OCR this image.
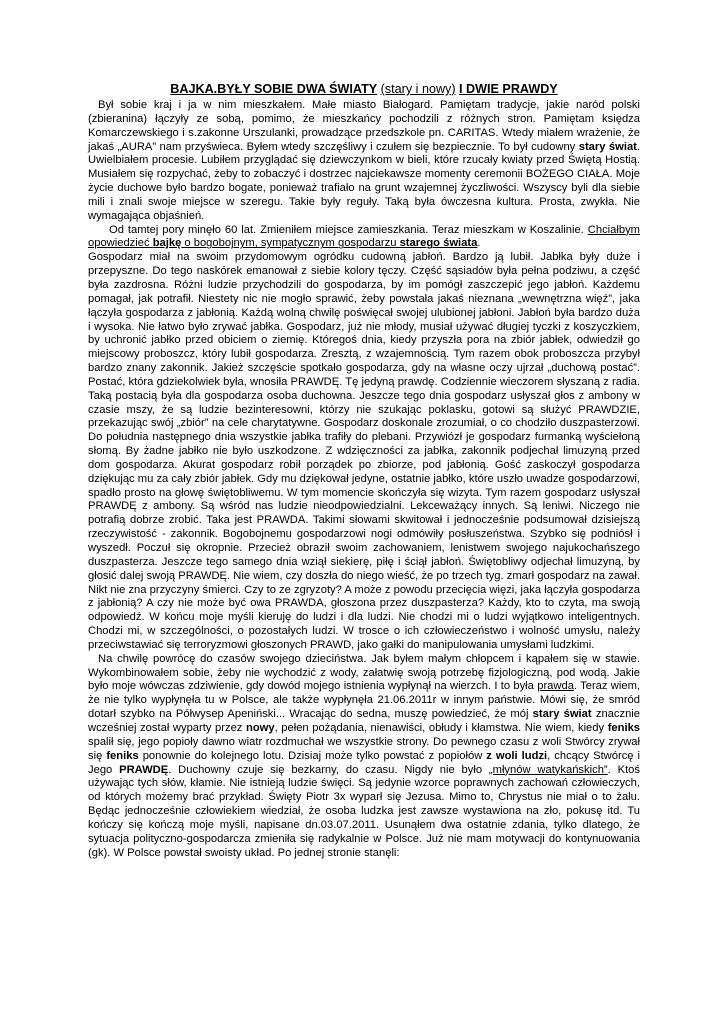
BAJKA.BYŁY SOBIE DWA ŚWIATY (stary i nowy) I DWIE PRAWDY

Był sobie kraj i ja w nim mieszkałem. Małe miasto Białogard. Pamiętam tradycje, jakie naród polski (zbieranina) łączyły ze sobą, pomimo, że mieszkańcy pochodzili z różnych stron. Pamiętam księdza Komarczewskiego i s.zakonne Urszulanki, prowadzące przedszkole pn. CARITAS. Wtedy miałem wrażenie, że jakaś „AURA” nam przyświeca. Byłem wtedy szczęśliwy i czułem się bezpiecznie. To był cudowny stary świat. Uwielbiałem procesie. Lubiłem przyglądać się dziewczynkom w bieli, które rzucały kwiaty przed Świętą Hostią. Musiałem się rozpychać, żeby to zobaczyć i dostrzec najciekawsze momenty ceremonii BOŻEGO CIAŁA. Moje życie duchowe było bardzo bogate, ponieważ trafiało na grunt wzajemnej życzliwości. Wszyscy byli dla siebie mili i znali swoje miejsce w szeregu. Takie były reguły. Taką była ówczesna kultura. Prosta, zwykła. Nie wymagająca objaśnień.

Od tamtej pory minęło 60 lat. Zmieniłem miejsce zamieszkania. Teraz mieszkam w Koszalinie. Chciałbym opowiedzieć bajkę o bogobojnym, sympatycznym gospodarzu starego świata.

Gospodarz miał na swoim przydomowym ogródku cudowną jabłoń. Bardzo ją lubił. Jabłka były duże i przepyszne. Do tego naskórek emanował z siebie kolory tęczy. Część sąsiadów była pełna podziwu, a część była zazdrosna. Różni ludzie przychodzili do gospodarza, by im pomógł zaszczepić jego jabłoń. Każdemu pomagał, jak potrafił. Niestety nic nie mogło sprawić, żeby powstała jakaś nieznana „wewnętrzna więź”, jaka łączyła gospodarza z jabłonią. Każdą wolną chwilę poświęcał swojej ulubionej jabłoni. Jabłoń była bardzo duża i wysoka. Nie łatwo było zrywać jabłka. Gospodarz, już nie młody, musiał używać długiej tyczki z koszyczkiem, by uchronić jabłko przed obiciem o ziemię. Któregoś dnia, kiedy przyszła pora na zbiór jabłek, odwiedził go miejscowy proboszcz, który lubił gospodarza. Zresztą, z wzajemnością. Tym razem obok proboszcza przybył bardzo znany zakonnik. Jakież szczęście spotkało gospodarza, gdy na własne oczy ujrzał „duchową postać”. Postać, która gdziekolwiek była, wnosiła PRAWDĘ. Tę jedyną prawdę. Codziennie wieczorem słyszaną z radia. Taką postacią była dla gospodarza osoba duchowna. Jeszcze tego dnia gospodarz usłyszał głos z ambony w czasie mszy, że są ludzie bezinteresowni, którzy nie szukając poklasku, gotowi są służyć PRAWDZIE, przekazując swój „zbiór” na cele charytatywne. Gospodarz doskonale zrozumiał, o co chodziło duszpasterzowi. Do południa następnego dnia wszystkie jabłka trafiły do plebani. Przywiózł je gospodarz furmanką wyściełoną słomą. By żadne jabłko nie było uszkodzone. Z wdzięczności za jabłka, zakonnik podjechał limuzyną przed dom gospodarza. Akurat gospodarz robił porządek po zbiorze, pod jabłonią. Gość zaskoczył gospodarza dziękując mu za cały zbiór jabłek. Gdy mu dziękował jedyne, ostatnie jabłko, które uszło uwadze gospodarzowi, spadło prosto na głowę świętobliwemu. W tym momencie skończyła się wizyta. Tym razem gospodarz usłyszał PRAWDĘ z ambony. Są wśród nas ludzie nieodpowiedzialni. Lekceważący innych. Są leniwi. Niczego nie potrafią dobrze zrobić. Taka jest PRAWDA. Takimi słowami skwitował i jednocześnie podsumował dzisiejszą rzeczywistość - zakonnik. Bogobojnemu gospodarzowi nogi odmówiły posłuszeństwa. Szybko się podniósł i wyszedł. Poczuł się okropnie. Przecież obraził swoim zachowaniem, lenistwem swojego najukochańszego duszpasterza. Jeszcze tego samego dnia wziął siekierę, piłę i ściął jabłoń. Świętobliwy odjechał limuzyną, by głosić dalej swoją PRAWDĘ. Nie wiem, czy doszła do niego wieść, że po trzech tyg. zmarł gospodarz na zawał. Nikt nie zna przyczyny śmierci. Czy to ze zgryzoty? A może z powodu przecięcia więzi, jaka łączyła gospodarza z jabłonią? A czy nie może być owa PRAWDA, głoszona przez duszpasterza? Każdy, kto to czyta, ma swoją odpowiedź. W końcu moje myśli kieruję do ludzi i dla ludzi. Nie chodzi mi o ludzi wyjątkowo inteligentnych. Chodzi mi, w szczególności, o pozostałych ludzi. W trosce o ich człowieczeństwo i wolność umysłu, należy przeciwstawiać się terroryzmowi głoszonych PRAWD, jako gałki do manipulowania umysłami ludzkimi.

Na chwilę powrócę do czasów swojego dzieciństwa. Jak byłem małym chłopcem i kąpałem się w stawie. Wykombinowałem sobie, żeby nie wychodzić z wody, załatwię swoją potrzebę fizjologiczną, pod wodą. Jakie było moje wówczas zdziwienie, gdy dowód mojego istnienia wypłynął na wierzch. I to była prawda. Teraz wiem, że nie tylko wypłynęła tu w Polsce, ale także wypłynęła 21.06.2011r w innym państwie. Mówi się, że smród dotarł szybko na Półwysep Apeniński... Wracając do sedna, muszę powiedzieć, że mój stary świat znacznie wcześniej został wyparty przez nowy, pełen pożądania, nienawiści, obłudy i kłamstwa. Nie wiem, kiedy feniks spalił się, jego popioły dawno wiatr rozdmuchał we wszystkie strony. Do pewnego czasu z woli Stwórcy zrywał się feniks ponownie do kolejnego lotu. Dzisiaj może tylko powstać z popiołów z woli ludzi, chcący Stwórcę i Jego PRAWDĘ. Duchowny czuje się bezkarny, do czasu. Nigdy nie było „młynów watykańskich”. Ktoś używając tych słów, kłamie. Nie istnieją ludzie święci. Są jedynie wzorce poprawnych zachowań człowieczych, od których możemy brać przykład. Święty Piotr 3x wyparł się Jezusa. Mimo to, Chrystus nie miał o to żalu. Będąc jednocześnie człowiekiem wiedział, że osoba ludzka jest zawsze wystawiona na zło, pokusę itd. Tu kończy się kończą moje myśli, napisane dn.03.07.2011. Usunąłem dwa ostatnie zdania, tylko dlatego, że sytuacja polityczno-gospodarcza zmieniła się radykalnie w Polsce. Już nie mam motywacji do kontynuowania (gk). W Polsce powstał swoisty układ. Po jednej stronie stanęli:
